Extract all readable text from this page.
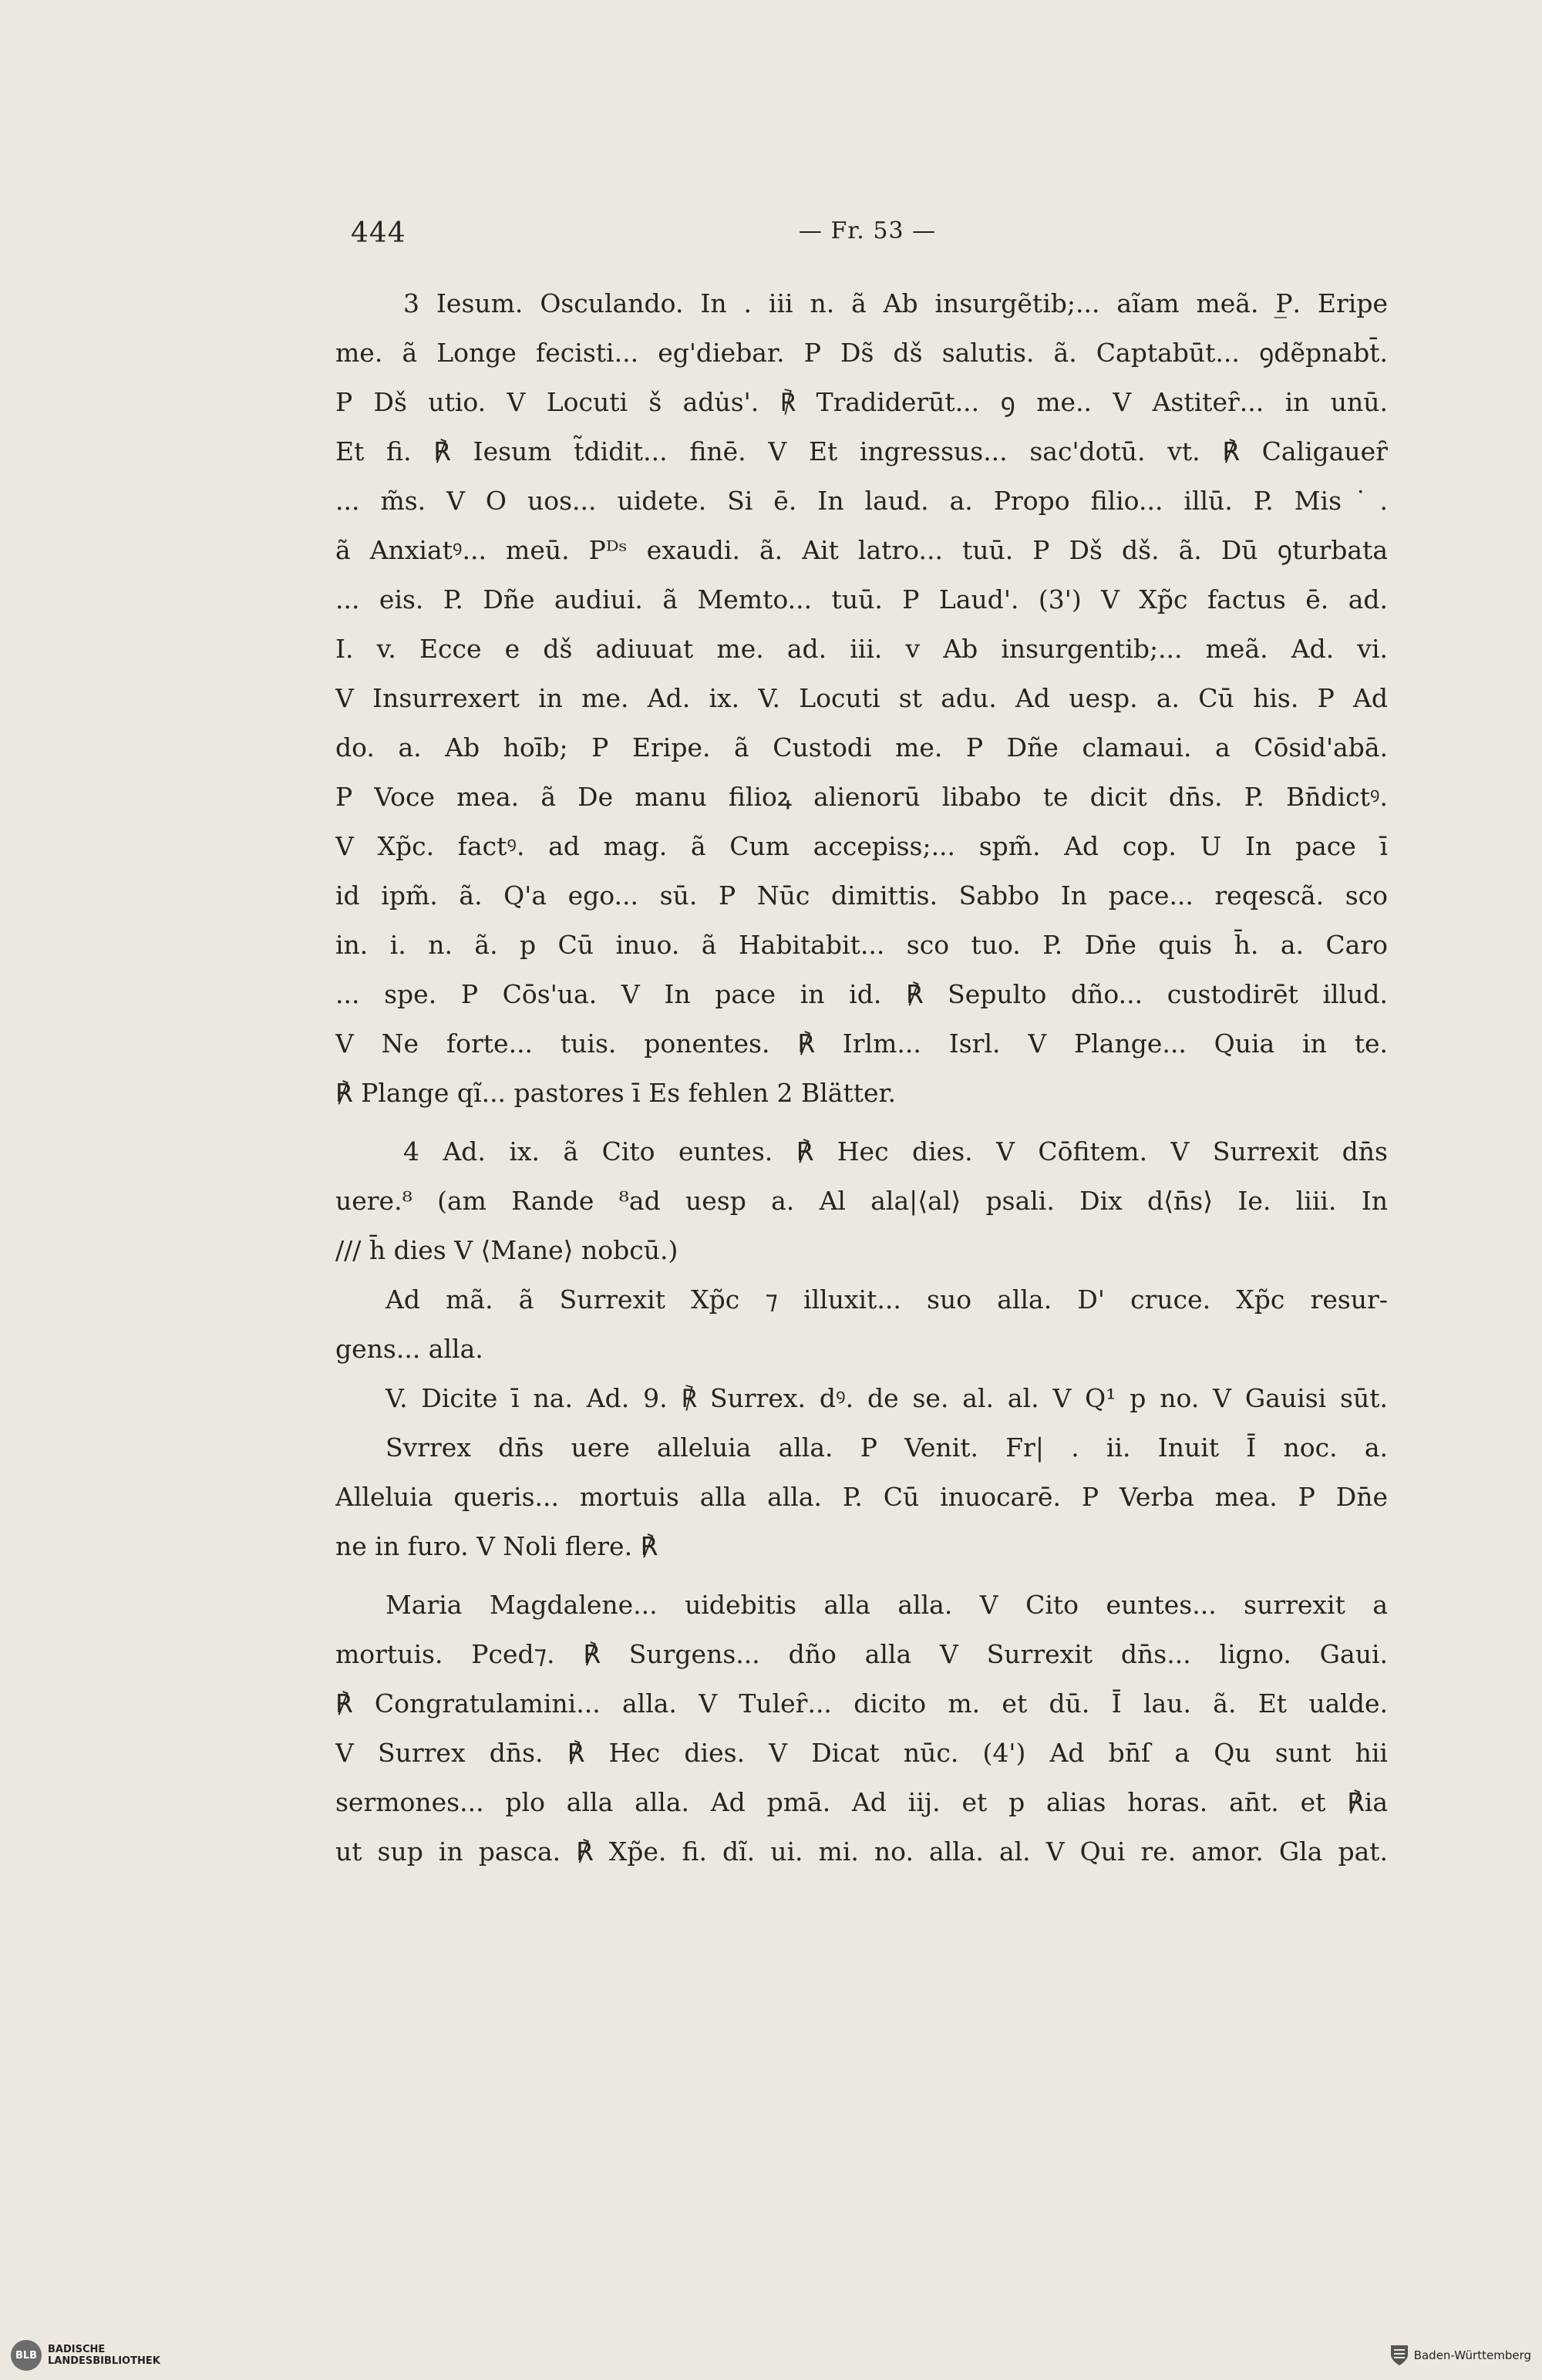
444	— Fr. 53 —
3 Iesum. Osculando. In . iii n. ã Ab insurgẽtib;... aĩam meã. P̲. Eripe
me. ã Longe fecisti... eg'diebar. P Ds̃ dš salutis. ã. Captabūt... ꝯdẽpnabt̄.
P Dš utio. V Locuti š adu̇s'. ℟ Tradiderūt... ꝯ me.. V Astiteȓ... in unū.
Et fi. ℟ Iesum t̃didit... finē. V Et ingressus... sac'dotū. vt. ℟ Caligaueȓ
... m̃s. V O uos... uidete. Si ē. In laud. a. Propo filio... illū. P. Mis˙.
ã Anxiatꝰ... meū. Pᴰˢ exaudi. ã. Ait latro... tuū. P Dš dš. ã. Dū ꝯturbata
... eis. P. Dñe audiui. ã Memto... tuū. P Laud'. (3') V Xp̃c factus ē. ad.
I. v. Ecce e dš adiuuat me. ad. iii. v Ab insurgentib;... meã. Ad. vi.
V Insurrexert in me. Ad. ix. V. Locuti st adu. Ad uesp. a. Cū his. P Ad
do. a. Ab hoīb; P Eripe. ã Custodi me. P Dñe clamaui. a Cōsid'abā.
P Voce mea. ã De manu filioꝝ alienorū libabo te dicit dn̄s. P. Bn̄dictꝰ.
V Xp̃c. factꝰ. ad mag. ã Cum accepiss;... spm̃. Ad cop. U In pace ī
id ipm̃. ã. Q'a ego... sū. P Nūc dimittis. Sabbo In pace... reqescã. sco
in. i. n. ã. p Cū inuo. ã Habitabit... sco tuo. P. Dn̄e quis h̄. a. Caro
... spe. P Cōs'ua. V In pace in id. ℟ Sepulto dño... custodirēt illud.
V Ne forte... tuis. ponentes. ℟ Irlm... Isrl. V Plange... Quia in te.
℟ Plange qĩ... pastores ī Es fehlen 2 Blätter.
4 Ad. ix. ã Cito euntes. ℟ Hec dies. V Cōfitem. V Surrexit dn̄s
uere.⁸ (am Rande ⁸ad uesp a. Al ala|⟨al⟩ psali. Dix d⟨n̄s⟩ Ie. liii. In
/// h̄ dies V ⟨Mane⟩ nobcū.)
Ad mã. ã Surrexit Xp̃c ⁊ illuxit... suo alla. D' cruce. Xp̃c resur-
gens... alla.
V. Dicite ī na. Ad. 9. ℟ Surrex. dꝰ. de se. al. al. V Q¹ p no. V Gauisi sūt.
Svrrex dn̄s uere alleluia alla. P Venit. Fr| . ii. Inuit Ī noc. a.
Alleluia queris... mortuis alla alla. P. Cū inuocarē. P Verba mea. P Dn̄e
ne in furo. V Noli flere. ℟
Maria Magdalene... uidebitis alla alla. V Cito euntes... surrexit a
mortuis. Pced⁊. ℟ Surgens... dño alla V Surrexit dn̄s... ligno. Gaui.
℟ Congratulamini... alla. V Tuleȓ... dicito m. et dū. Ī lau. ã. Et ualde.
V Surrex dn̄s. ℟ Hec dies. V Dicat nūc. (4') Ad bn̄ſ a Qu sunt hii
sermones... plo alla alla. Ad pmā. Ad iij. et p alias horas. an̄t. et ℟ia
ut sup in pasca. ℟ Xp̃e. fi. dĩ. ui. mi. no. alla. al. V Qui re. amor. Gla pat.
BLB	BADISCHE
LANDESBIBLIOTHEK	Baden-Württemberg
